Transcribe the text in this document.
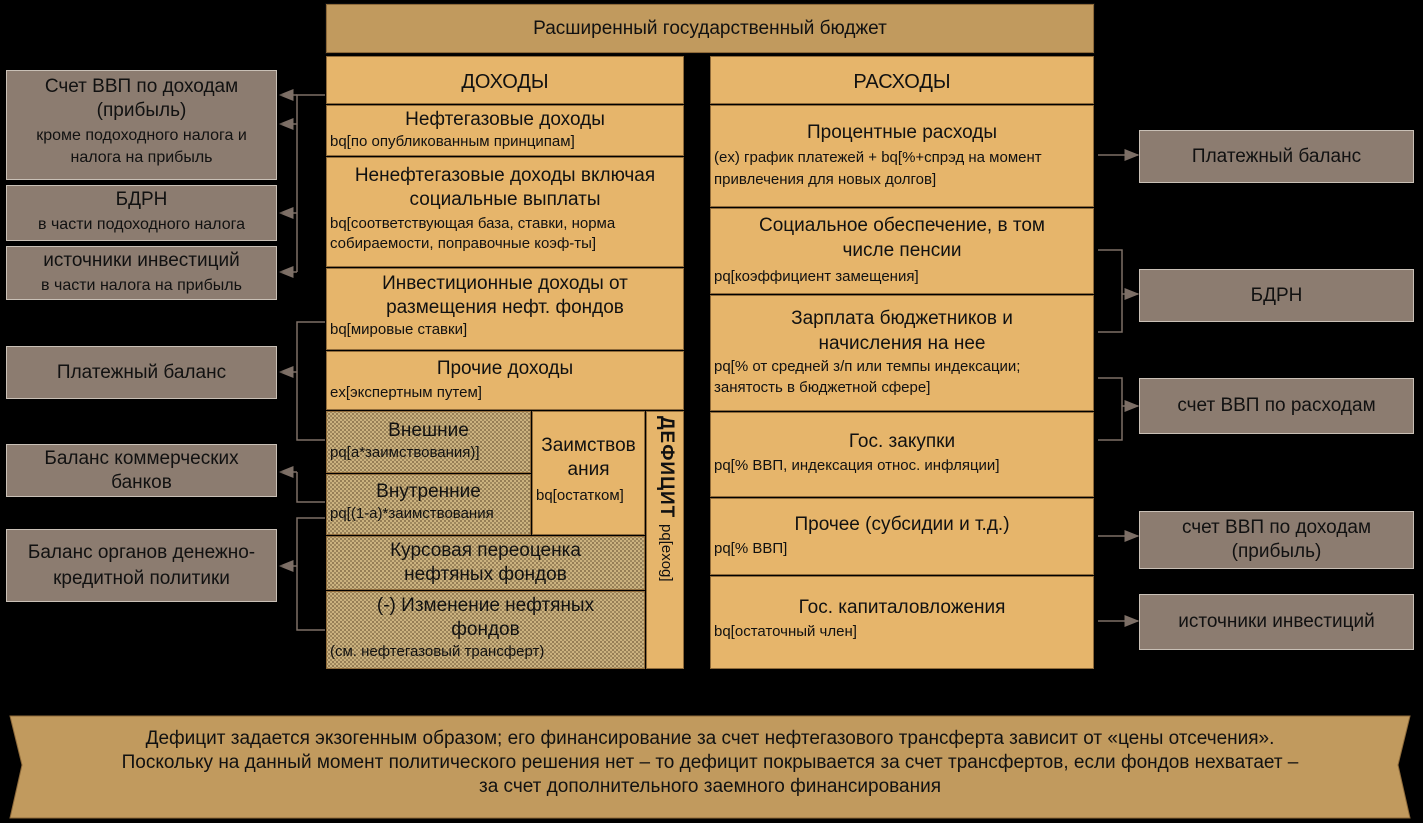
Расширенный государственный бюджет
ДОХОДЫ
Нефтегазовые доходы
bq[по опубликованным принципам]
Ненефтегазовые доходы включая социальные выплаты
bq[соответствующая база, ставки, норма собираемости, поправочные коэф-ты]
Инвестиционные доходы от размещения нефт. фондов
bq[мировые ставки]
Прочие доходы
ex[экспертным путем]
Внешние
pq[a*заимствования)]
Внутренние
pq[(1-a)*заимствования
Заимствования
bq[остатком]
Курсовая переоценка нефтяных фондов
(-) Изменение нефтяных фондов
(см. нефтегазовый трансферт)
ДЕФИЦИТ
pq[exog]
РАСХОДЫ
Процентные расходы
(ex) график платежей + bq[%+спрэд на момент привлечения для новых долгов]
Социальное обеспечение, в том числе пенсии
pq[коэффициент замещения]
Зарплата бюджетников и начисления на нее
pq[% от средней з/п или темпы индексации; занятость в бюджетной сфере]
Гос. закупки
pq[% ВВП, индексация относ. инфляции]
Прочее (субсидии и т.д.)
pq[% ВВП]
Гос. капиталовложения
bq[остаточный член]
Счет ВВП по доходам (прибыль)
кроме подоходного налога и налога на прибыль
БДРН
в части подоходного налога
источники инвестиций
в части налога на прибыль
Платежный баланс
Баланс коммерческих банков
Баланс органов денежно-кредитной политики
Платежный баланс
БДРН
счет ВВП по расходам
счет ВВП по доходам (прибыль)
источники инвестиций
Дефицит задается экзогенным образом; его финансирование за счет нефтегазового трансферта зависит от «цены отсечения».
Поскольку на данный момент политического решения нет – то дефицит покрывается за счет трансфертов, если фондов нехватает –
за счет дополнительного заемного финансирования
